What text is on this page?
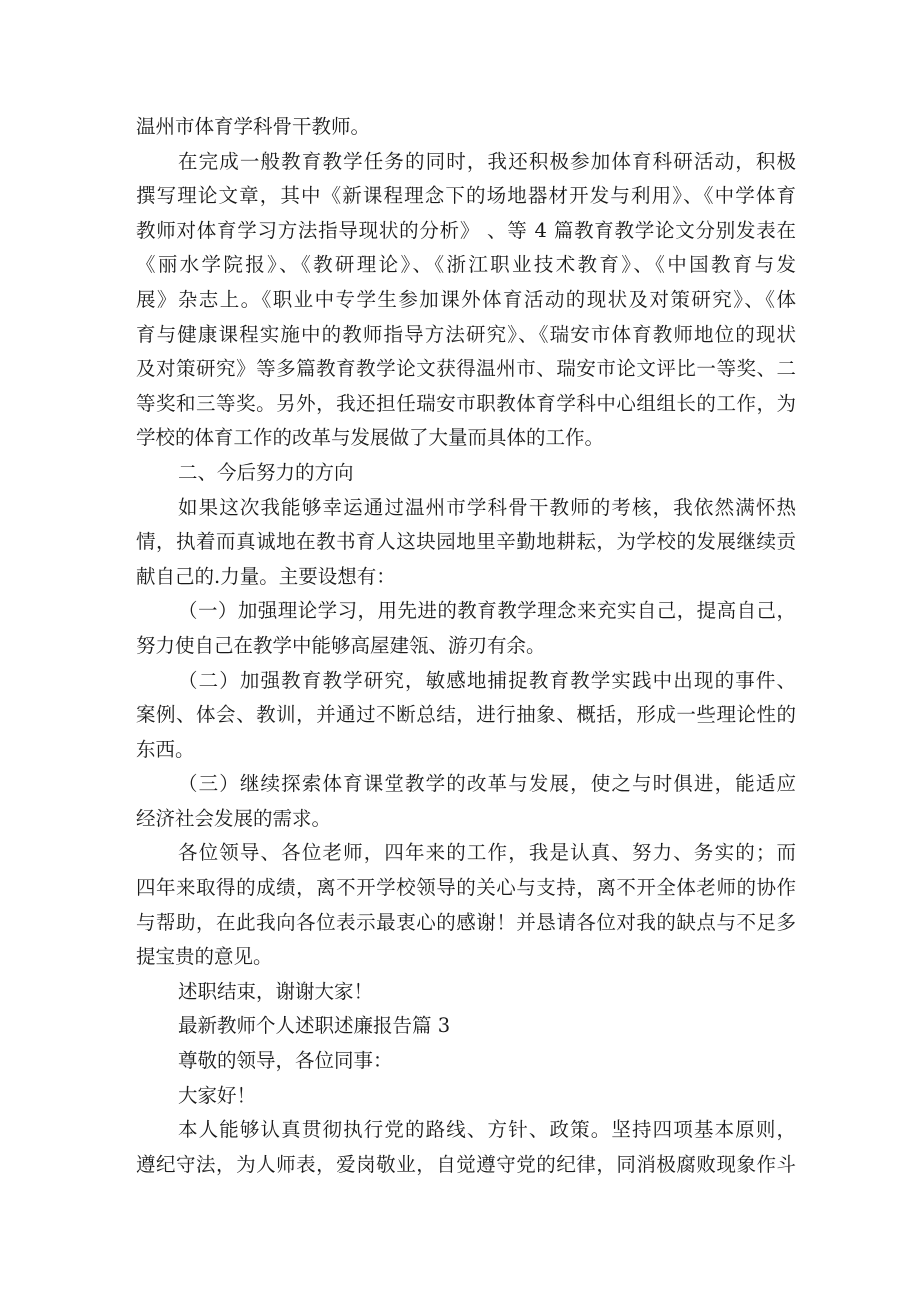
温州市体育学科骨干教师。
在完成一般教育教学任务的同时，我还积极参加体育科研活动，积极
撰写理论文章，其中《新课程理念下的场地器材开发与利用》、《中学体育
教师对体育学习方法指导现状的分析》 、等 4 篇教育教学论文分别发表在
《丽水学院报》、《教研理论》、《浙江职业技术教育》、《中国教育与发
展》杂志上。《职业中专学生参加课外体育活动的现状及对策研究》、《体
育与健康课程实施中的教师指导方法研究》、《瑞安市体育教师地位的现状
及对策研究》等多篇教育教学论文获得温州市、瑞安市论文评比一等奖、二
等奖和三等奖。另外，我还担任瑞安市职教体育学科中心组组长的工作，为
学校的体育工作的改革与发展做了大量而具体的工作。
二、今后努力的方向
如果这次我能够幸运通过温州市学科骨干教师的考核，我依然满怀热
情，执着而真诚地在教书育人这块园地里辛勤地耕耘，为学校的发展继续贡
献自己的.力量。主要设想有：
（一）加强理论学习，用先进的教育教学理念来充实自己，提高自己，
努力使自己在教学中能够高屋建瓴、游刃有余。
（二）加强教育教学研究，敏感地捕捉教育教学实践中出现的事件、
案例、体会、教训，并通过不断总结，进行抽象、概括，形成一些理论性的
东西。
（三）继续探索体育课堂教学的改革与发展，使之与时俱进，能适应
经济社会发展的需求。
各位领导、各位老师，四年来的工作，我是认真、努力、务实的；而
四年来取得的成绩，离不开学校领导的关心与支持，离不开全体老师的协作
与帮助，在此我向各位表示最衷心的感谢！并恳请各位对我的缺点与不足多
提宝贵的意见。
述职结束，谢谢大家！
最新教师个人述职述廉报告篇 3
尊敬的领导，各位同事：
大家好！
本人能够认真贯彻执行党的路线、方针、政策。坚持四项基本原则，
遵纪守法，为人师表，爱岗敬业，自觉遵守党的纪律，同消极腐败现象作斗
